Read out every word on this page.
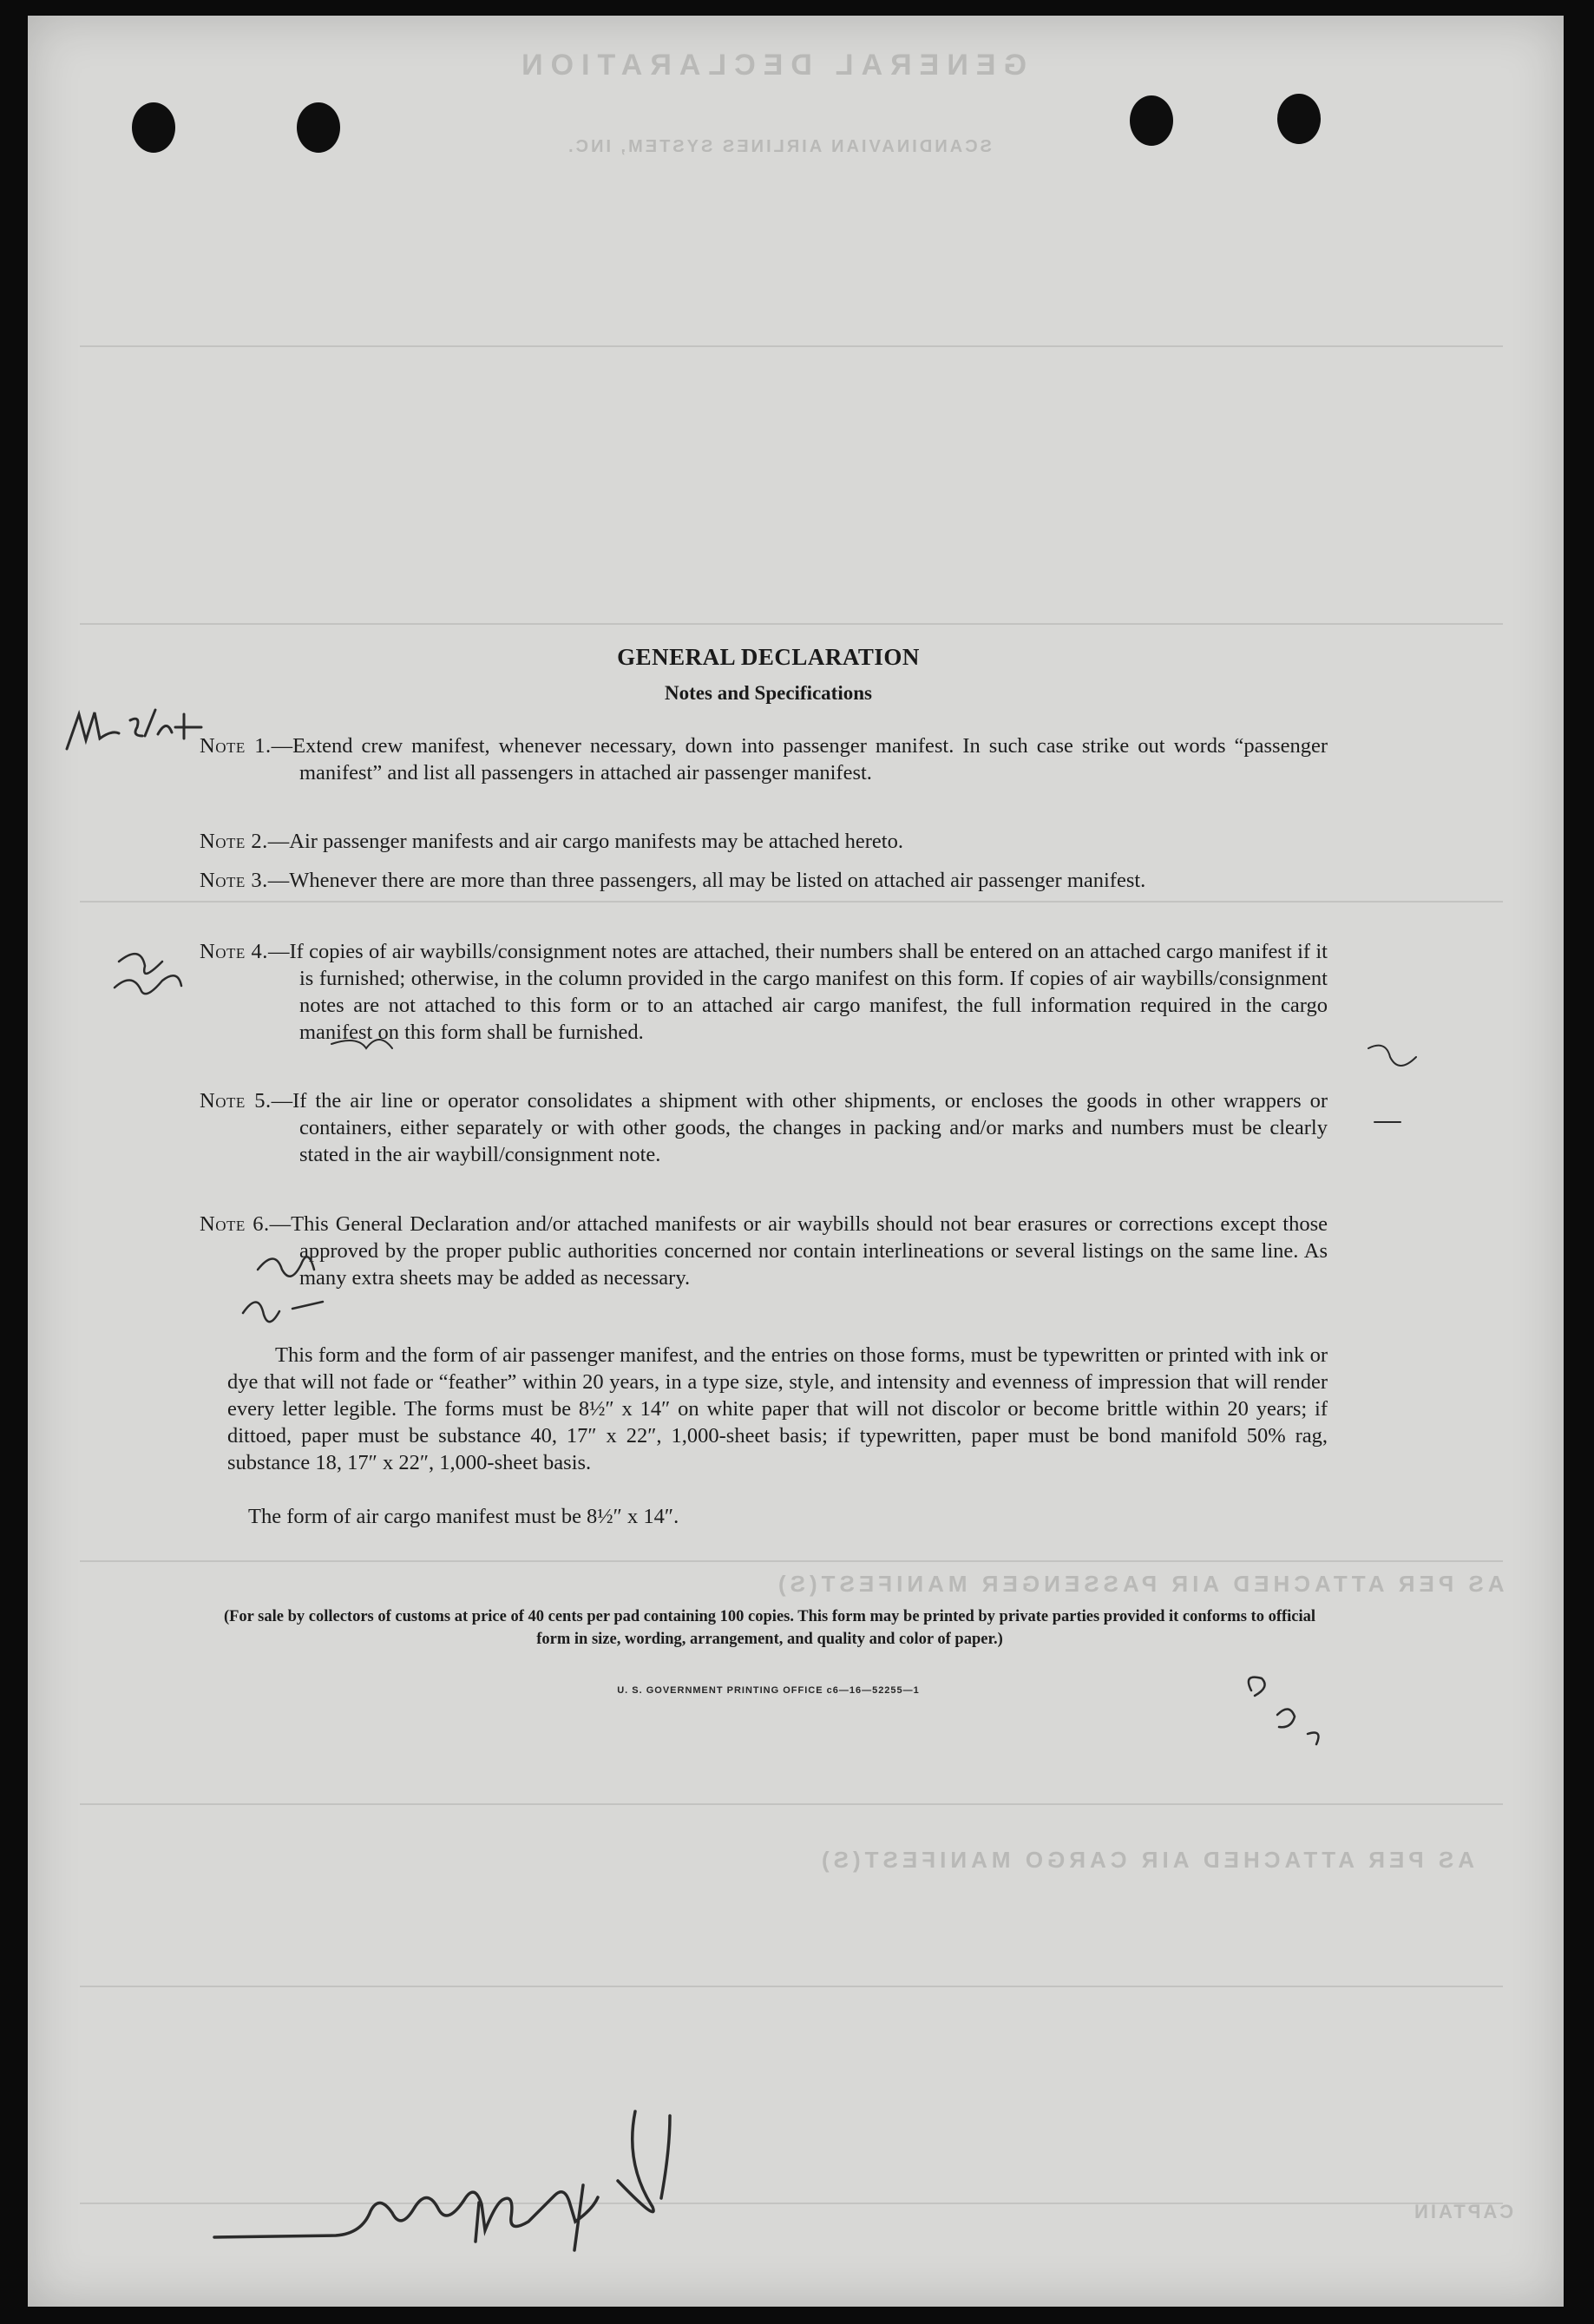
GENERAL DECLARATION
SCANDINAVIAN AIRLINES SYSTEM, INC.
AS PER ATTACHED AIR PASSENGER MANIFEST(S)
AS PER ATTACHED AIR CARGO MANIFEST(S)
CAPTAIN
GENERAL DECLARATION
Notes and Specifications
Note 1.—Extend crew manifest, whenever necessary, down into passenger manifest. In such case strike out words “passenger manifest” and list all passengers in attached air passenger manifest.
Note 2.—Air passenger manifests and air cargo manifests may be attached hereto.
Note 3.—Whenever there are more than three passengers, all may be listed on attached air passenger manifest.
Note 4.—If copies of air waybills/consignment notes are attached, their numbers shall be entered on an attached cargo manifest if it is furnished; otherwise, in the column provided in the cargo manifest on this form. If copies of air waybills/consignment notes are not attached to this form or to an attached air cargo manifest, the full information required in the cargo manifest on this form shall be furnished.
Note 5.—If the air line or operator consolidates a shipment with other shipments, or encloses the goods in other wrappers or containers, either separately or with other goods, the changes in packing and/or marks and numbers must be clearly stated in the air waybill/consignment note.
Note 6.—This General Declaration and/or attached manifests or air waybills should not bear erasures or corrections except those approved by the proper public authorities concerned nor contain interlineations or several listings on the same line. As many extra sheets may be added as necessary.
This form and the form of air passenger manifest, and the entries on those forms, must be typewritten or printed with ink or dye that will not fade or “feather” within 20 years, in a type size, style, and intensity and evenness of impression that will render every letter legible. The forms must be 8½″ x 14″ on white paper that will not discolor or become brittle within 20 years; if dittoed, paper must be substance 40, 17″ x 22″, 1,000-sheet basis; if typewritten, paper must be bond manifold 50% rag, substance 18, 17″ x 22″, 1,000-sheet basis.
The form of air cargo manifest must be 8½″ x 14″.
(For sale by collectors of customs at price of 40 cents per pad containing 100 copies. This form may be printed by private parties provided it conforms to official form in size, wording, arrangement, and quality and color of paper.)
U. S. GOVERNMENT PRINTING OFFICE c6—16—52255—1
